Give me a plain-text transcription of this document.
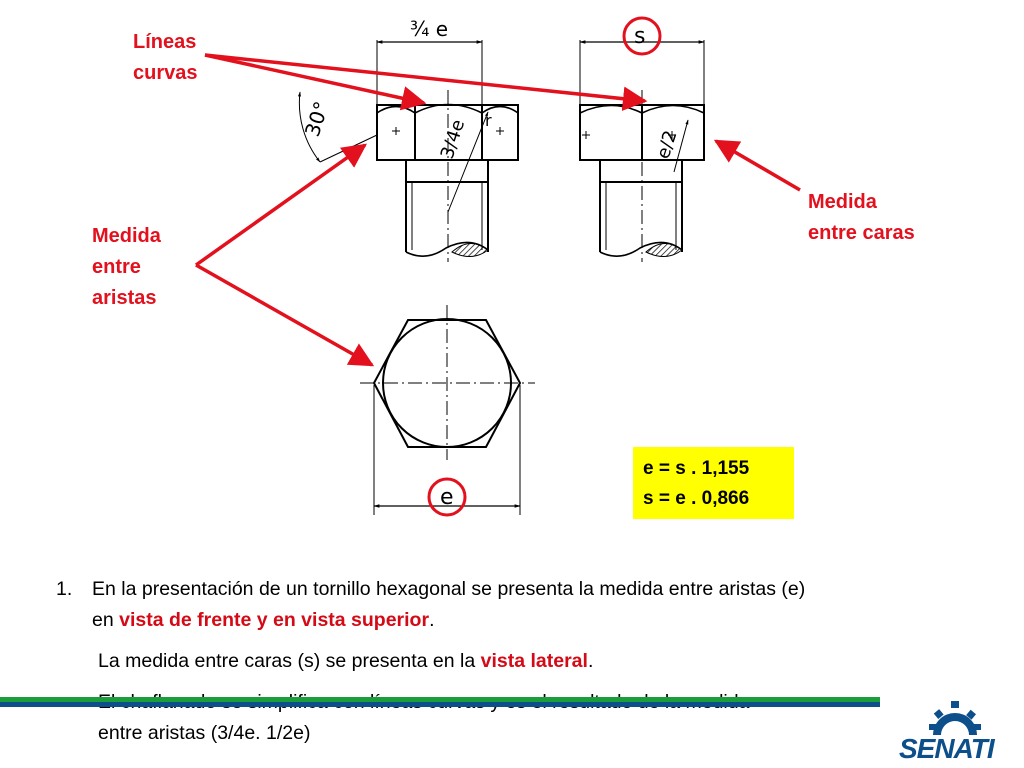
¾ e
30°	3/4e r
s
e/2
e
Líneas
curvas
Medida
entre
aristas
Medida
entre caras
e = s . 1,155
s = e . 0,866
1. En la presentación de un tornillo hexagonal se presenta la medida entre aristas (e)
en vista de frente y en vista superior.
La medida entre caras (s) se presenta en la vista lateral.
entre aristas (3/4e. 1/2e)	SENATI
